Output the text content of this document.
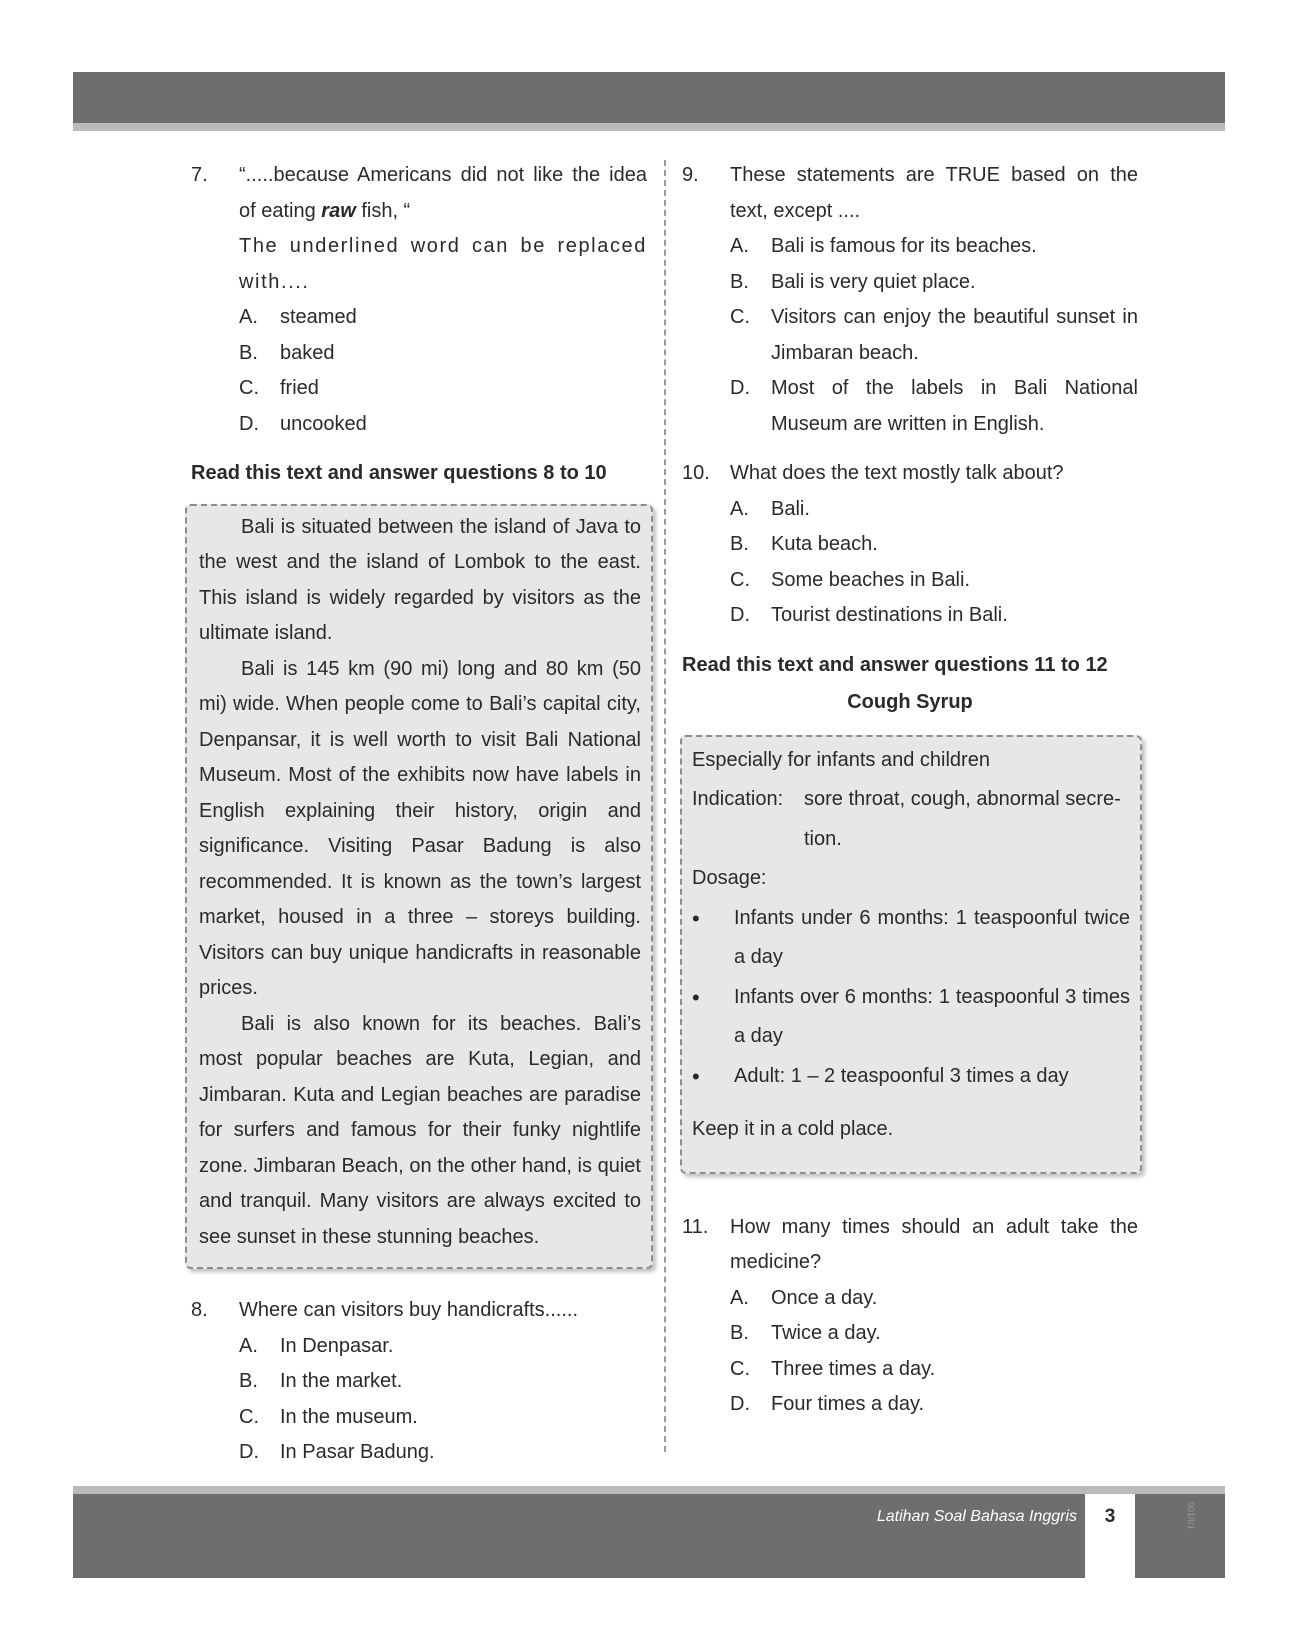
7.	“.....because Americans did not like the idea of eating raw fish, “
The underlined word can be replaced with....
A.	steamed
B.	baked
C.	fried
D.	uncooked
Read this text and answer questions 8 to 10

Bali is situated between the island of Java to the west and the island of Lombok to the east. This island is widely regarded by visitors as the ultimate island.

Bali is 145 km (90 mi) long and 80 km (50 mi) wide. When people come to Bali’s capital city, Denpansar, it is well worth to visit Bali National Museum. Most of the exhibits now have labels in English explaining their history, origin and significance. Visiting Pasar Badung is also recommended. It is known as the town’s largest market, housed in a three – storeys building. Visitors can buy unique handicrafts in reasonable prices.

Bali is also known for its beaches. Bali’s most popular beaches are Kuta, Legian, and Jimbaran. Kuta and Legian beaches are paradise for surfers and famous for their funky nightlife zone. Jimbaran Beach, on the other hand, is quiet and tranquil. Many visitors are always excited to see sunset in these stunning beaches.

8.	Where can visitors buy handicrafts......
A.	In Denpasar.
B.	In the market.
C.	In the museum.
D.	In Pasar Badung.
9.	These statements are TRUE based on the text, except ....
A.	Bali is famous for its beaches.
B.	Bali is very quiet place.
C.	Visitors can enjoy the beautiful sunset in Jimbaran beach.
D.	Most of the labels in Bali National Museum are written in English.
10.	What does the text mostly talk about?
A.	Bali.
B.	Kuta beach.
C.	Some beaches in Bali.
D.	Tourist destinations in Bali.
Read this text and answer questions 11 to 12
Cough Syrup
Especially for infants and children
Indication:	sore throat, cough, abnormal secre-
tion.
Dosage:
•	Infants under 6 months: 1 teaspoonful twice a day
•	Infants over 6 months: 1 teaspoonful 3 times a day
•	Adult: 1 – 2 teaspoonful 3 times a day
Keep it in a cold place.
11.	How many times should an adult take the medicine?
A.	Once a day.
B.	Twice a day.
C.	Three times a day.
D.	Four times a day.
Latihan Soal Bahasa Inggris	3	001/I/1
